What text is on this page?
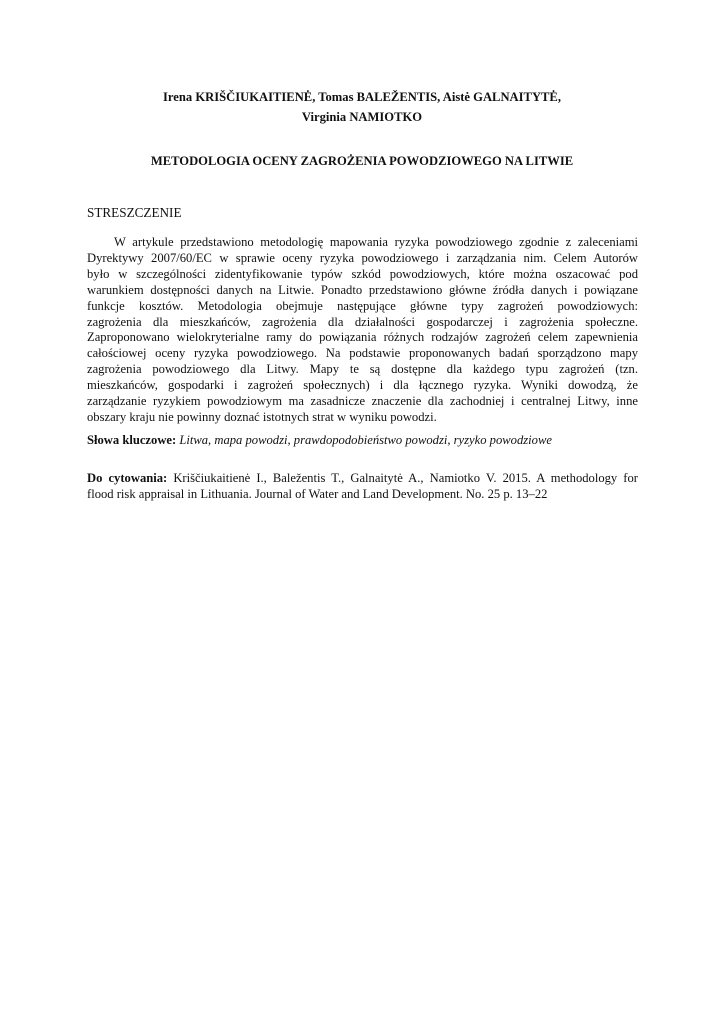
Irena KRIŠČIUKAITIENĖ, Tomas BALEŽENTIS, Aistė GALNAITYTĖ,
Virginia NAMIOTKO
METODOLOGIA OCENY ZAGROŻENIA POWODZIOWEGO NA LITWIE
STRESZCZENIE
W artykule przedstawiono metodologię mapowania ryzyka powodziowego zgodnie z zaleceniami
Dyrektywy 2007/60/EC w sprawie oceny ryzyka powodziowego i zarządzania nim. Celem Autorów
było w szczególności zidentyfikowanie typów szkód powodziowych, które można oszacować pod
warunkiem dostępności danych na Litwie. Ponadto przedstawiono główne źródła danych i powiązane
funkcje kosztów. Metodologia obejmuje następujące główne typy zagrożeń powodziowych:
zagrożenia dla mieszkańców, zagrożenia dla działalności gospodarczej i zagrożenia społeczne.
Zaproponowano wielokryterialne ramy do powiązania różnych rodzajów zagrożeń celem zapewnienia
całościowej oceny ryzyka powodziowego. Na podstawie proponowanych badań sporządzono mapy
zagrożenia powodziowego dla Litwy. Mapy te są dostępne dla każdego typu zagrożeń (tzn.
mieszkańców, gospodarki i zagrożeń społecznych) i dla łącznego ryzyka. Wyniki dowodzą, że
zarządzanie ryzykiem powodziowym ma zasadnicze znaczenie dla zachodniej i centralnej Litwy, inne
obszary kraju nie powinny doznać istotnych strat w wyniku powodzi.
Słowa kluczowe: Litwa, mapa powodzi, prawdopodobieństwo powodzi, ryzyko powodziowe
Do cytowania: Kriščiukaitienė I., Baležentis T., Galnaitytė A., Namiotko V. 2015. A methodology for
flood risk appraisal in Lithuania. Journal of Water and Land Development. No. 25 p. 13–22
